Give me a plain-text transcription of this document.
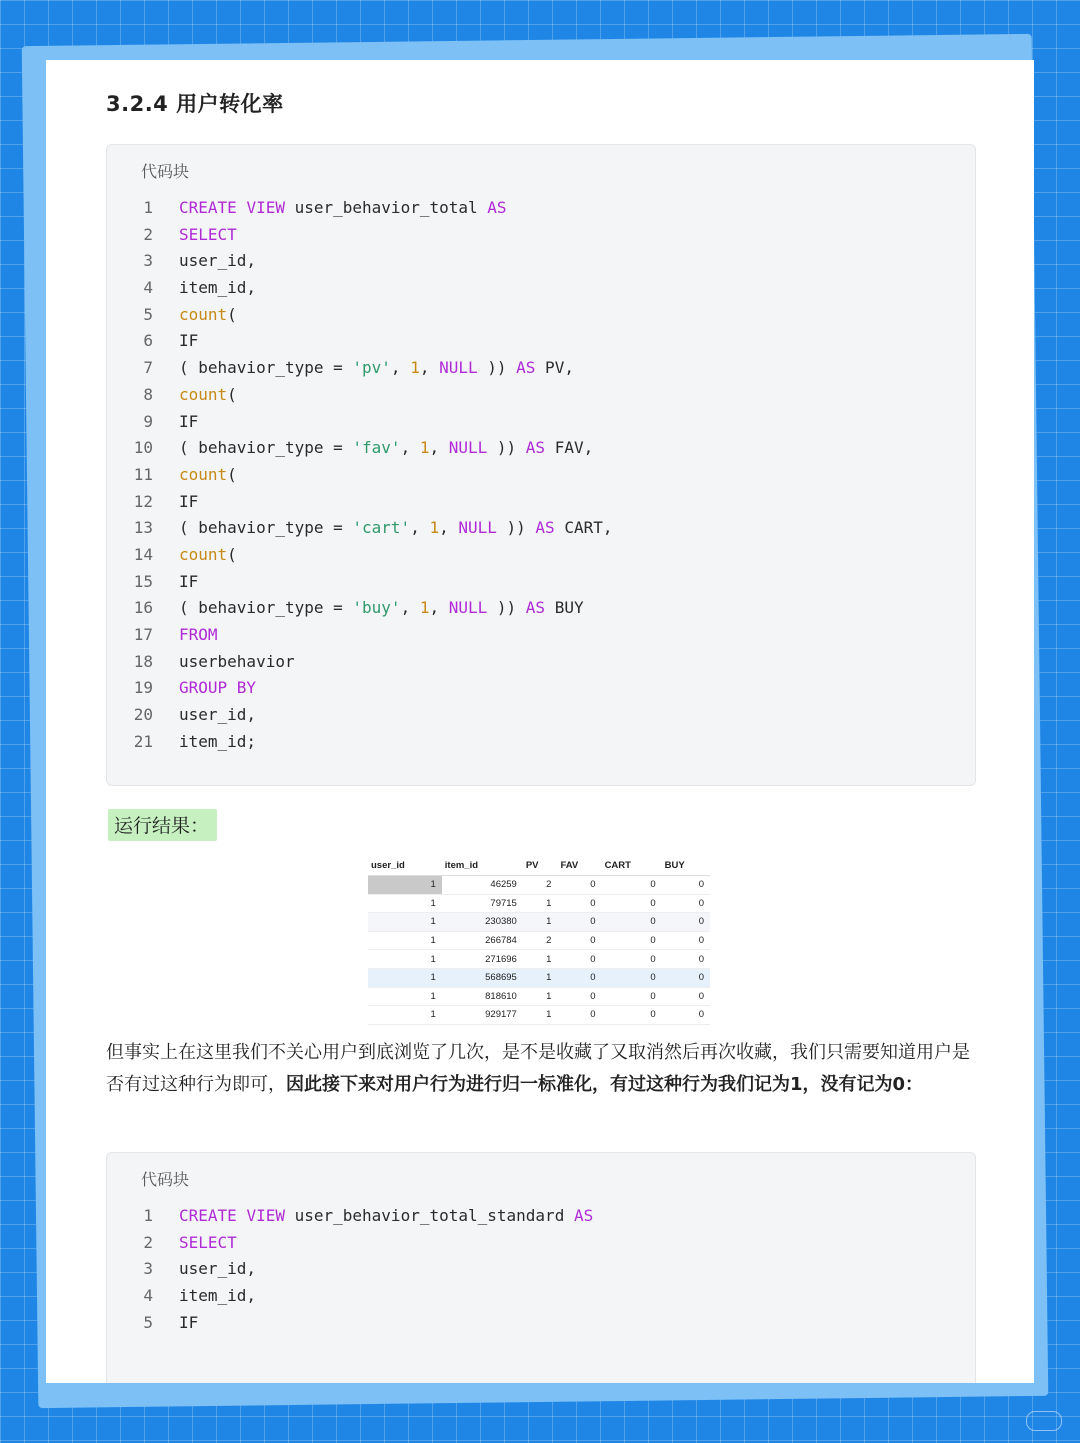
3.2.4 用户转化率
代码块
1 CREATE VIEW user_behavior_total AS
2 SELECT
3 user_id,
4 item_id,
5 count(
6 IF
7 ( behavior_type = 'pv', 1, NULL )) AS PV,
8 count(
9 IF
10 ( behavior_type = 'fav', 1, NULL )) AS FAV,
11 count(
12 IF
13 ( behavior_type = 'cart', 1, NULL )) AS CART,
14 count(
15 IF
16 ( behavior_type = 'buy', 1, NULL )) AS BUY
17 FROM
18 userbehavior
19 GROUP BY
20 user_id,
21 item_id;
运行结果：
user_id	item_id	PV	FAV	CART	BUY
1	46259	2	0	0	0
1	79715	1	0	0	0
1	230380	1	0	0	0
1	266784	2	0	0	0
1	271696	1	0	0	0
1	568695	1	0	0	0
1	818610	1	0	0	0
1	929177	1	0	0	0

但事实上在这里我们不关心用户到底浏览了几次，是不是收藏了又取消然后再次收藏，我们只需要知道用户是否有过这种行为即可，因此接下来对用户行为进行归一标准化，有过这种行为我们记为1，没有记为0：

代码块
1 CREATE VIEW user_behavior_total_standard AS
2 SELECT
3 user_id,
4 item_id,
5 IF
